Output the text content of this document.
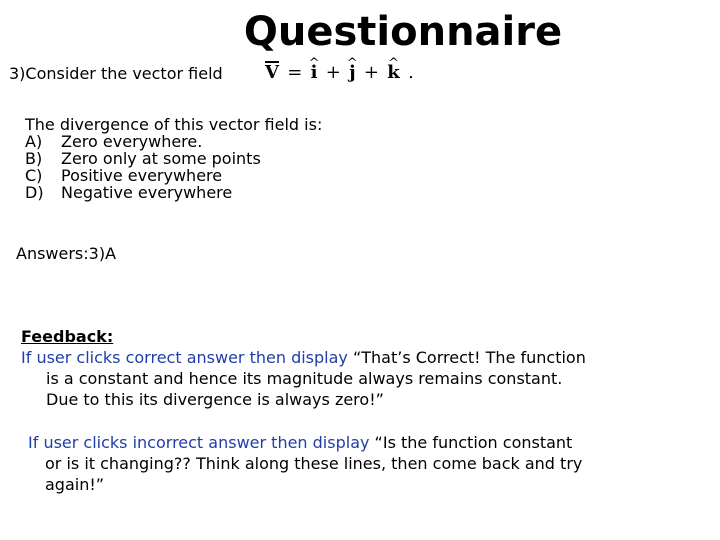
Questionnaire
3)Consider the vector field V = ^ i + ^ j + ^ k .
The divergence of this vector field is:
A)	Zero everywhere.
B)	Zero only at some points
C)	Positive everywhere
D)	Negative everywhere
Answers:3)A
Feedback:

If user clicks correct answer then display “That’s Correct! The function
is a constant and hence its magnitude always remains constant.
Due to this its divergence is always zero!”

If user clicks incorrect answer then display “Is the function constant
or is it changing?? Think along these lines, then come back and try
again!”
